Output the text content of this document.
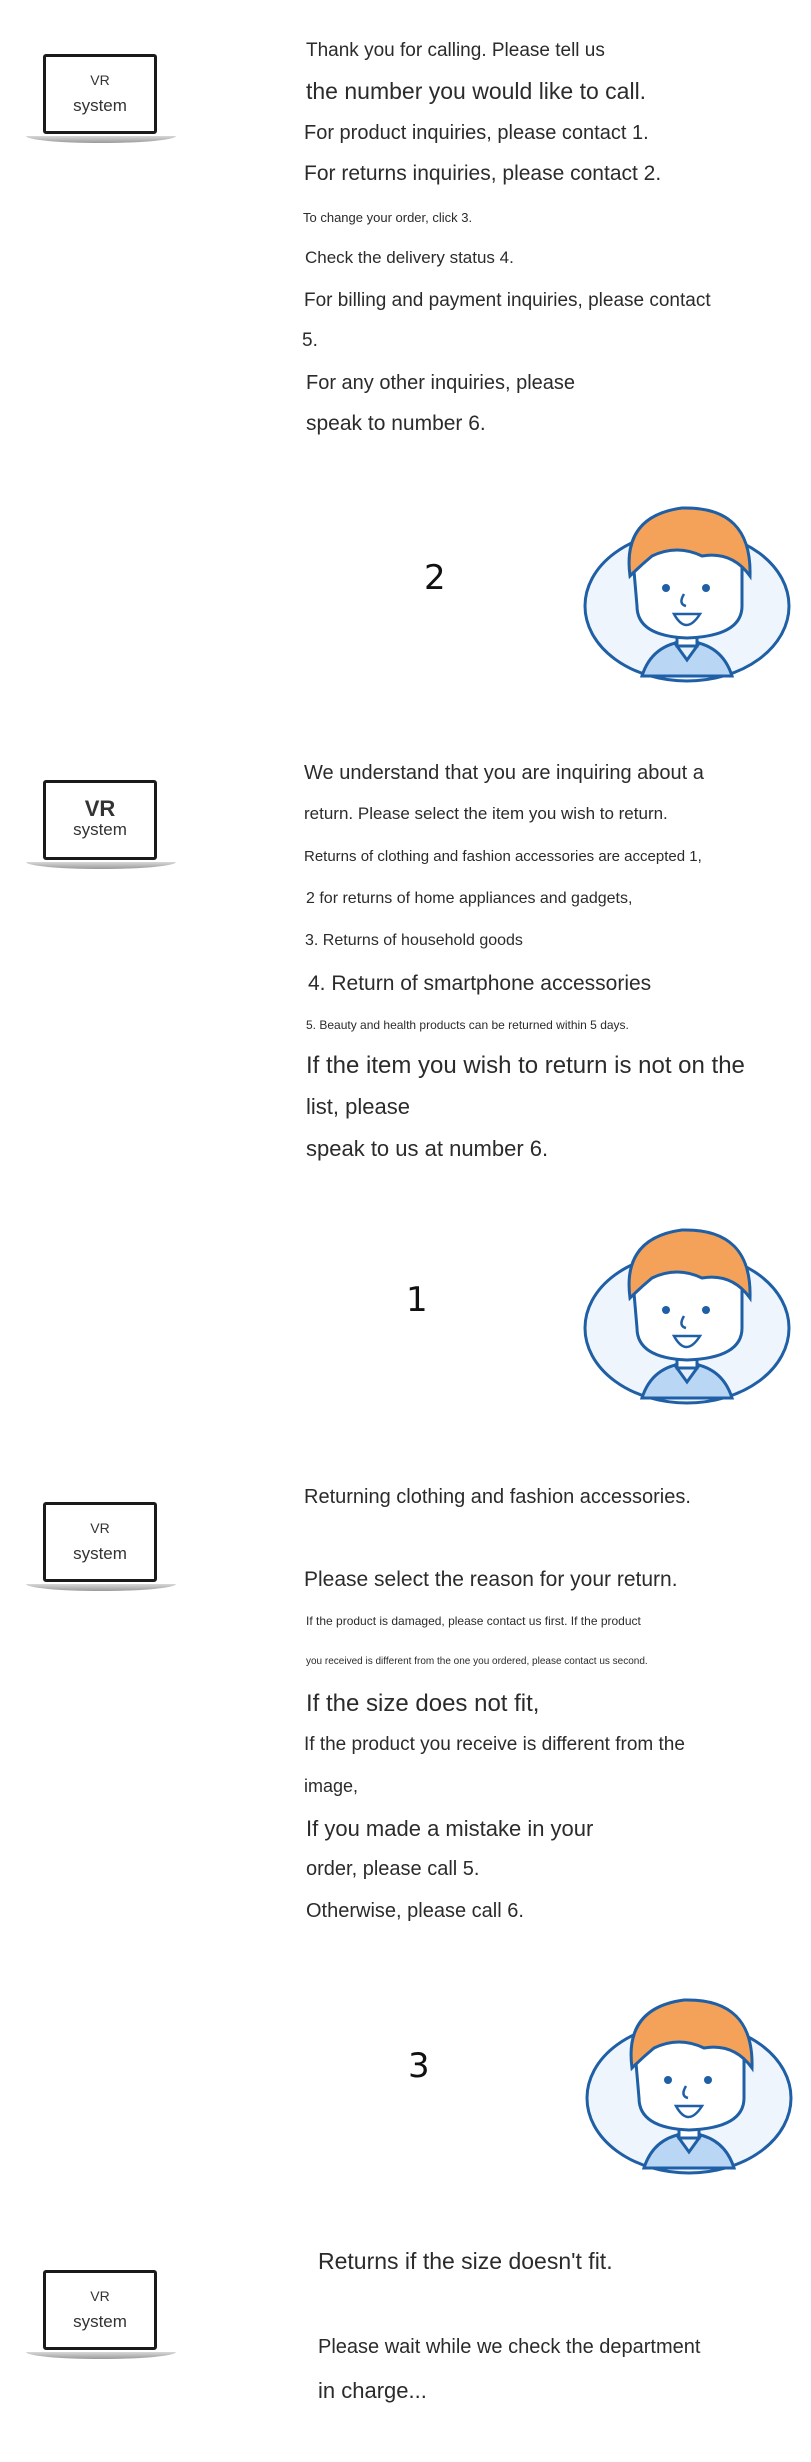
VR
system
Thank you for calling. Please tell us
the number you would like to call.
For product inquiries, please contact 1.
For returns inquiries, please contact 2.
To change your order, click 3.
Check the delivery status 4.
For billing and payment inquiries, please contact
5.
For any other inquiries, please
speak to number 6.
2
VR
system
We understand that you are inquiring about a
return. Please select the item you wish to return.
Returns of clothing and fashion accessories are accepted 1,
2 for returns of home appliances and gadgets,
3. Returns of household goods
4. Return of smartphone accessories
5. Beauty and health products can be returned within 5 days.
If the item you wish to return is not on the
list, please
speak to us at number 6.
1
VR
system
Returning clothing and fashion accessories.
Please select the reason for your return.
If the product is damaged, please contact us first. If the product
you received is different from the one you ordered, please contact us second.
If the size does not fit,
If the product you receive is different from the
image,
If you made a mistake in your
order, please call 5.
Otherwise, please call 6.
3
VR
system
Returns if the size doesn't fit.
Please wait while we check the department
in charge...
